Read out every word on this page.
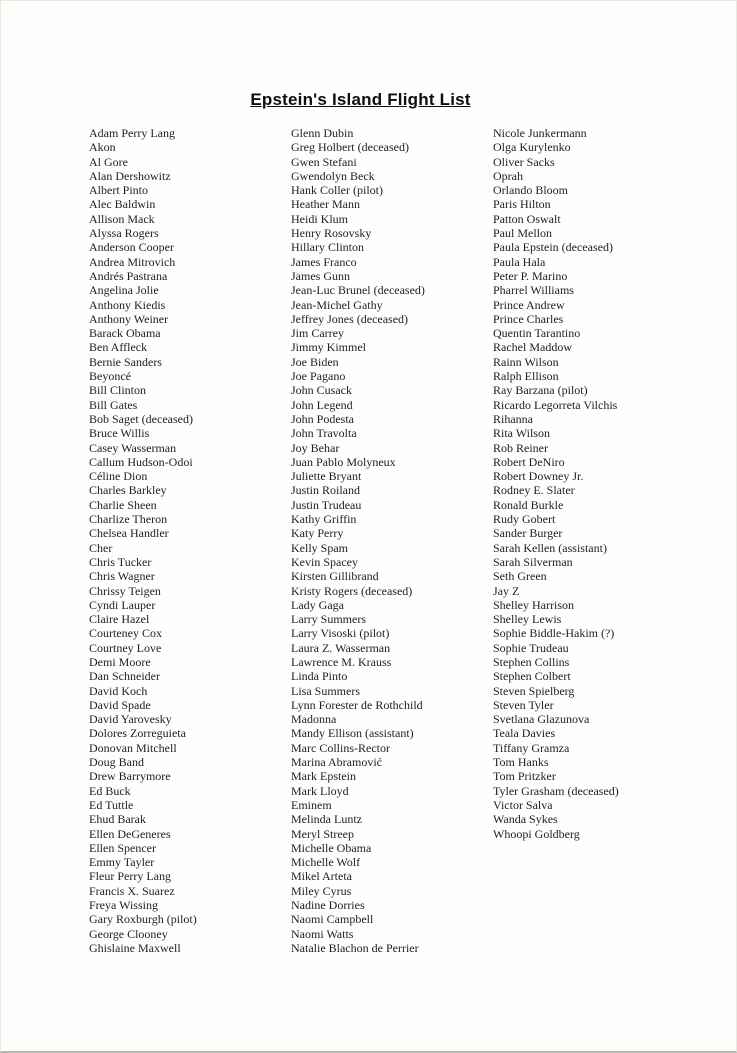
Epstein's Island Flight List
Adam Perry Lang
Akon
Al Gore
Alan Dershowitz
Albert Pinto
Alec Baldwin
Allison Mack
Alyssa Rogers
Anderson Cooper
Andrea Mitrovich
Andrés Pastrana
Angelina Jolie
Anthony Kiedis
Anthony Weiner
Barack Obama
Ben Affleck
Bernie Sanders
Beyoncé
Bill Clinton
Bill Gates
Bob Saget (deceased)
Bruce Willis
Casey Wasserman
Callum Hudson-Odoi
Céline Dion
Charles Barkley
Charlie Sheen
Charlize Theron
Chelsea Handler
Cher
Chris Tucker
Chris Wagner
Chrissy Teigen
Cyndi Lauper
Claire Hazel
Courteney Cox
Courtney Love
Demi Moore
Dan Schneider
David Koch
David Spade
David Yarovesky
Dolores Zorreguieta
Donovan Mitchell
Doug Band
Drew Barrymore
Ed Buck
Ed Tuttle
Ehud Barak
Ellen DeGeneres
Ellen Spencer
Emmy Tayler
Fleur Perry Lang
Francis X. Suarez
Freya Wissing
Gary Roxburgh (pilot)
George Clooney
Ghislaine Maxwell
Glenn Dubin
Greg Holbert (deceased)
Gwen Stefani
Gwendolyn Beck
Hank Coller (pilot)
Heather Mann
Heidi Klum
Henry Rosovsky
Hillary Clinton
James Franco
James Gunn
Jean-Luc Brunel (deceased)
Jean-Michel Gathy
Jeffrey Jones (deceased)
Jim Carrey
Jimmy Kimmel
Joe Biden
Joe Pagano
John Cusack
John Legend
John Podesta
John Travolta
Joy Behar
Juan Pablo Molyneux
Juliette Bryant
Justin Roiland
Justin Trudeau
Kathy Griffin
Katy Perry
Kelly Spam
Kevin Spacey
Kirsten Gillibrand
Kristy Rogers (deceased)
Lady Gaga
Larry Summers
Larry Visoski (pilot)
Laura Z. Wasserman
Lawrence M. Krauss
Linda Pinto
Lisa Summers
Lynn Forester de Rothchild
Madonna
Mandy Ellison (assistant)
Marc Collins-Rector
Marina Abramović
Mark Epstein
Mark Lloyd
Eminem
Melinda Luntz
Meryl Streep
Michelle Obama
Michelle Wolf
Mikel Arteta
Miley Cyrus
Nadine Dorries
Naomi Campbell
Naomi Watts
Natalie Blachon de Perrier
Nicole Junkermann
Olga Kurylenko
Oliver Sacks
Oprah
Orlando Bloom
Paris Hilton
Patton Oswalt
Paul Mellon
Paula Epstein (deceased)
Paula Hala
Peter P. Marino
Pharrel Williams
Prince Andrew
Prince Charles
Quentin Tarantino
Rachel Maddow
Rainn Wilson
Ralph Ellison
Ray Barzana (pilot)
Ricardo Legorreta Vilchis
Rihanna
Rita Wilson
Rob Reiner
Robert DeNiro
Robert Downey Jr.
Rodney E. Slater
Ronald Burkle
Rudy Gobert
Sander Burger
Sarah Kellen (assistant)
Sarah Silverman
Seth Green
Jay Z
Shelley Harrison
Shelley Lewis
Sophie Biddle-Hakim (?)
Sophie Trudeau
Stephen Collins
Stephen Colbert
Steven Spielberg
Steven Tyler
Svetlana Glazunova
Teala Davies
Tiffany Gramza
Tom Hanks
Tom Pritzker
Tyler Grasham (deceased)
Victor Salva
Wanda Sykes
Whoopi Goldberg
